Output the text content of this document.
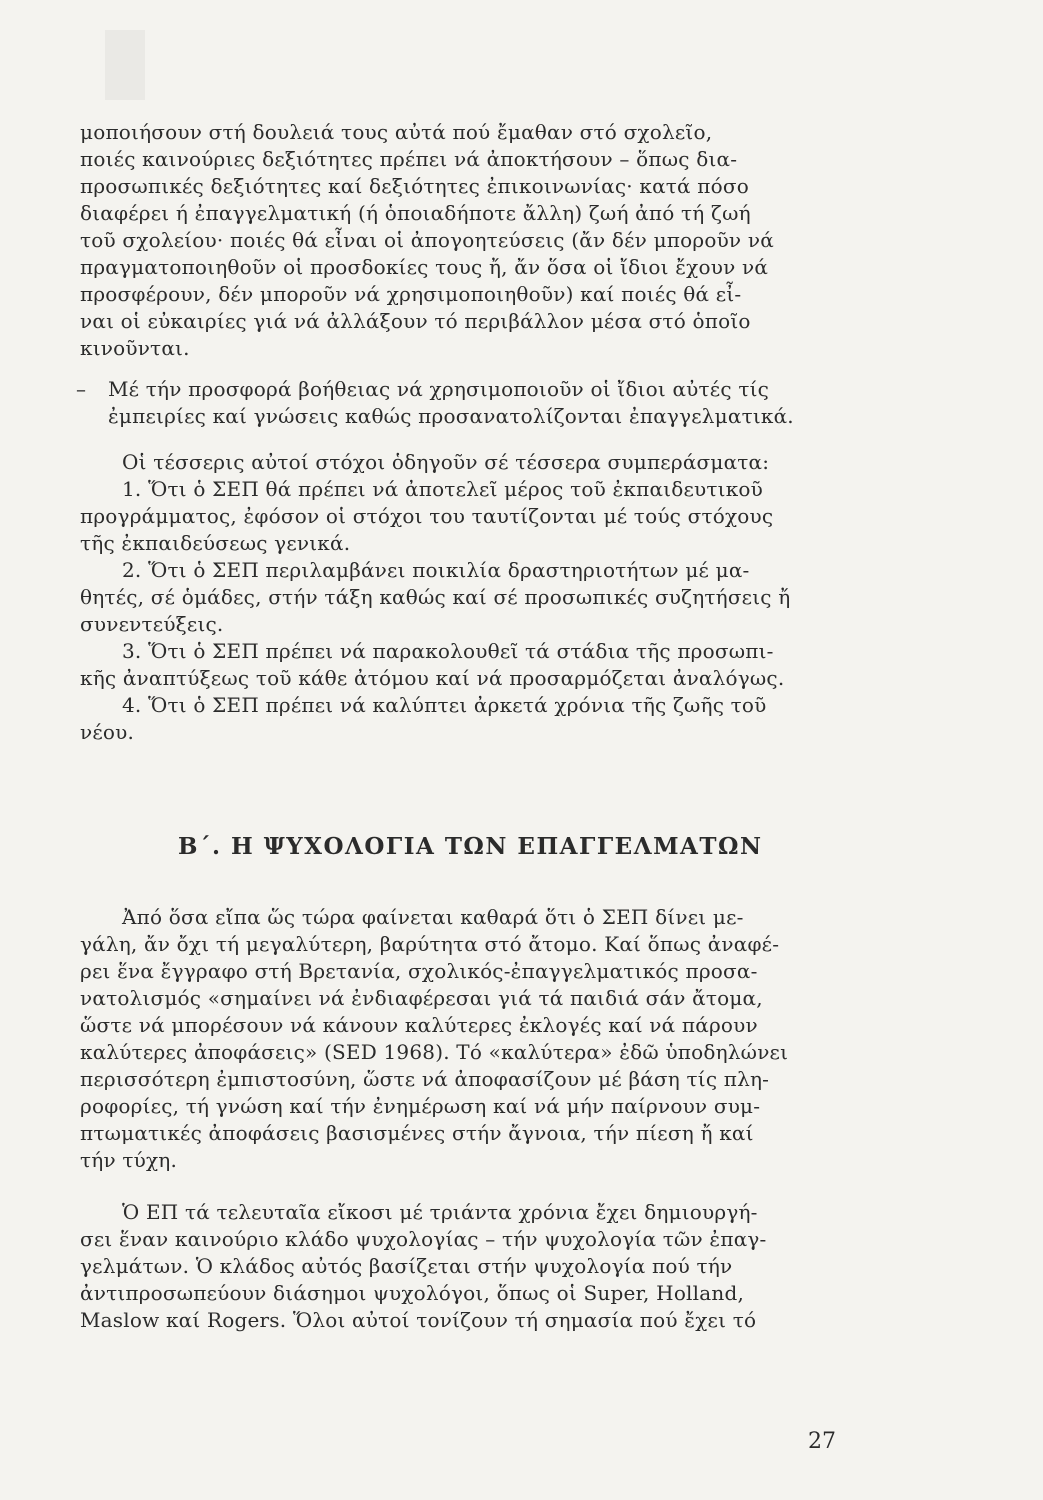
μοποιήσουν στή δουλειά τους αὐτά πού ἔμαθαν στό σχολεῖο,
ποιές καινούριες δεξιότητες πρέπει νά ἀποκτήσουν – ὅπως δια-
προσωπικές δεξιότητες καί δεξιότητες ἐπικοινωνίας· κατά πόσο
διαφέρει ή ἐπαγγελματική (ή ὁποιαδήποτε ἄλλη) ζωή ἀπό τή ζωή
τοῦ σχολείου· ποιές θά εἶναι οἱ ἀπογοητεύσεις (ἄν δέν μποροῦν νά
πραγματοποιηθοῦν οἱ προσδοκίες τους ἤ, ἄν ὅσα οἱ ἴδιοι ἔχουν νά
προσφέρουν, δέν μποροῦν νά χρησιμοποιηθοῦν) καί ποιές θά εἶ-
ναι οἱ εὐκαιρίες γιά νά ἀλλάξουν τό περιβάλλον μέσα στό ὁποῖο
κινοῦνται.
–	Μέ τήν προσφορά βοήθειας νά χρησιμοποιοῦν οἱ ἴδιοι αὐτές τίς
ἐμπειρίες καί γνώσεις καθώς προσανατολίζονται ἐπαγγελματικά.
Οἱ τέσσερις αὐτοί στόχοι ὁδηγοῦν σέ τέσσερα συμπεράσματα:
1. Ὅτι ὁ ΣΕΠ θά πρέπει νά ἀποτελεῖ μέρος τοῦ ἐκπαιδευτικοῦ
προγράμματος, ἐφόσον οἱ στόχοι του ταυτίζονται μέ τούς στόχους
τῆς ἐκπαιδεύσεως γενικά.
2. Ὅτι ὁ ΣΕΠ περιλαμβάνει ποικιλία δραστηριοτήτων μέ μα-
θητές, σέ ὁμάδες, στήν τάξη καθώς καί σέ προσωπικές συζητήσεις ἤ
συνεντεύξεις.
3. Ὅτι ὁ ΣΕΠ πρέπει νά παρακολουθεῖ τά στάδια τῆς προσωπι-
κῆς ἀναπτύξεως τοῦ κάθε ἀτόμου καί νά προσαρμόζεται ἀναλόγως.
4. Ὅτι ὁ ΣΕΠ πρέπει νά καλύπτει ἀρκετά χρόνια τῆς ζωῆς τοῦ
νέου.
Β΄. Η ΨΥΧΟΛΟΓΙΑ ΤΩΝ ΕΠΑΓΓΕΛΜΑΤΩΝ
Ἀπό ὅσα εἴπα ὥς τώρα φαίνεται καθαρά ὅτι ὁ ΣΕΠ δίνει με-
γάλη, ἄν ὄχι τή μεγαλύτερη, βαρύτητα στό ἄτομο. Καί ὅπως ἀναφέ-
ρει ἕνα ἔγγραφο στή Βρετανία, σχολικός-ἐπαγγελματικός προσα-
νατολισμός «σημαίνει νά ἐνδιαφέρεσαι γιά τά παιδιά σάν ἄτομα,
ὥστε νά μπορέσουν νά κάνουν καλύτερες ἐκλογές καί νά πάρουν
καλύτερες ἀποφάσεις» (SED 1968). Τό «καλύτερα» ἐδῶ ὑποδηλώνει
περισσότερη ἐμπιστοσύνη, ὥστε νά ἀποφασίζουν μέ βάση τίς πλη-
ροφορίες, τή γνώση καί τήν ἐνημέρωση καί νά μήν παίρνουν συμ-
πτωματικές ἀποφάσεις βασισμένες στήν ἄγνοια, τήν πίεση ἤ καί
τήν τύχη.
Ὁ ΕΠ τά τελευταῖα εἴκοσι μέ τριάντα χρόνια ἔχει δημιουργή-
σει ἕναν καινούριο κλάδο ψυχολογίας – τήν ψυχολογία τῶν ἐπαγ-
γελμάτων. Ὁ κλάδος αὐτός βασίζεται στήν ψυχολογία πού τήν
ἀντιπροσωπεύουν διάσημοι ψυχολόγοι, ὅπως οἱ Super, Holland,
Maslow καί Rogers. Ὅλοι αὐτοί τονίζουν τή σημασία πού ἔχει τό
27
